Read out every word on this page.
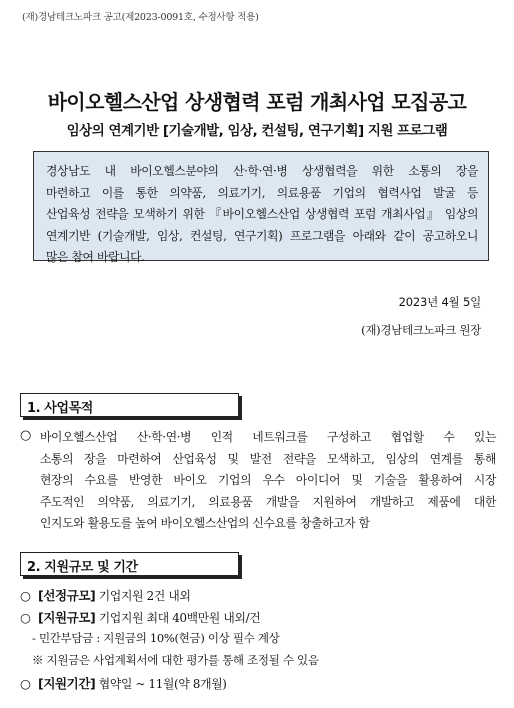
(재)경남테크노파크 공고(제2023-0091호, 수정사항 적용)
바이오헬스산업 상생협력 포럼 개최사업 모집공고
임상의 연계기반 [기술개발, 임상, 컨설팅, 연구기획] 지원 프로그램
경상남도 내 바이오헬스분야의 산·학·연·병 상생협력을 위한 소통의 장을
마련하고 이를 통한 의약품, 의료기기, 의료용품 기업의 협력사업 발굴 등
산업육성 전략을 모색하기 위한 『바이오헬스산업 상생협력 포럼 개최사업』 임상의
연계기반 (기술개발, 임상, 컨설팅, 연구기획) 프로그램을 아래와 같이 공고하오니
많은 참여 바랍니다.
2023년 4월 5일
(재)경남테크노파크 원장
1. 사업목적
○ 바이오헬스산업 산·학·연·병 인적 네트워크를 구성하고 협업할 수 있는
소통의 장을 마련하여 산업육성 및 발전 전략을 모색하고, 임상의 연계를 통해
현장의 수요를 반영한 바이오 기업의 우수 아이디어 및 기술을 활용하여 시장
주도적인 의약품, 의료기기, 의료용품 개발을 지원하여 개발하고 제품에 대한
인지도와 활용도를 높여 바이오헬스산업의 신수요를 창출하고자 함
2. 지원규모 및 기간
○ [선정규모] 기업지원 2건 내외
○ [지원규모] 기업지원 최대 40백만원 내외/건
- 민간부담금 : 지원금의 10%(현금) 이상 필수 계상
※ 지원금은 사업계획서에 대한 평가를 통해 조정될 수 있음
○ [지원기간] 협약일 ~ 11월(약 8개월)
